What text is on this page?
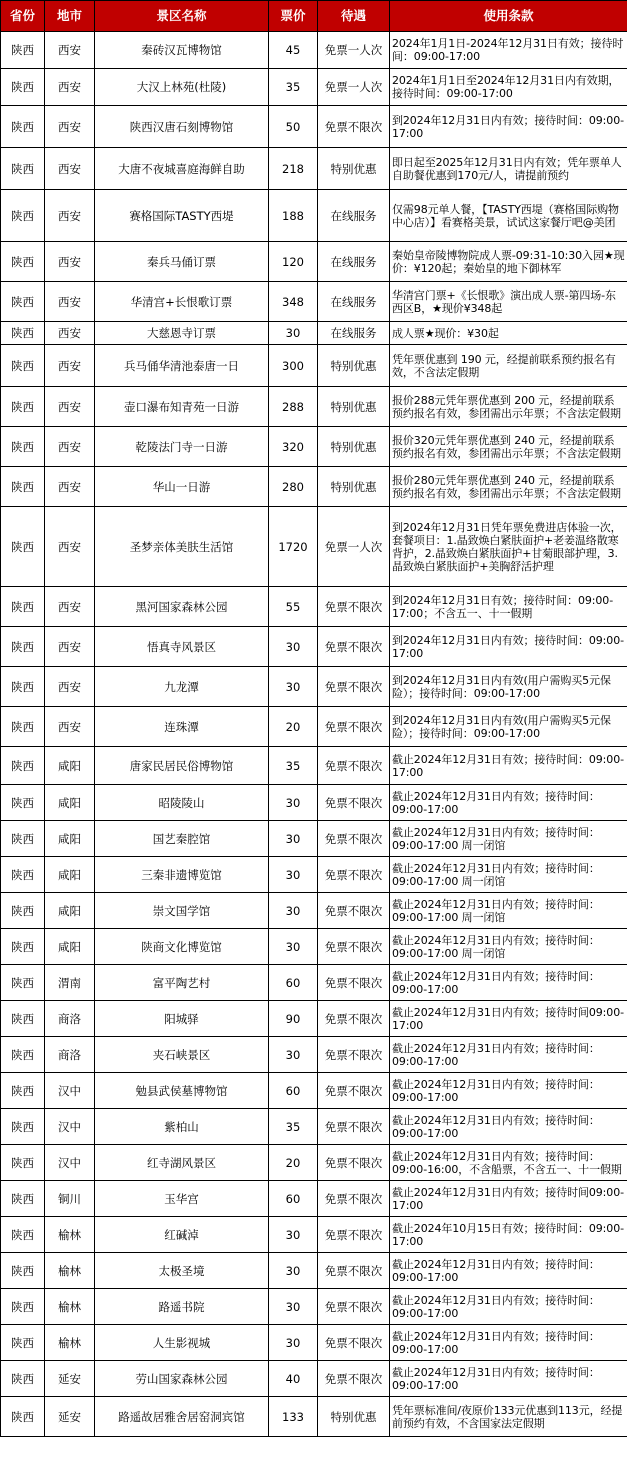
省份	地市	景区名称	票价	待遇	使用条款
陕西	西安	秦砖汉瓦博物馆	45	免票一人次	2024年1月1日-2024年12月31日有效；接待时间：09:00-17:00
陕西	西安	大汉上林苑(杜陵)	35	免票一人次	2024年1月1日至2024年12月31日内有效期，接待时间：09:00-17:00
陕西	西安	陕西汉唐石刻博物馆	50	免票不限次	到2024年12月31日内有效；接待时间：09:00-17:00
陕西	西安	大唐不夜城喜庭海鲜自助	218	特别优惠	即日起至2025年12月31日内有效；凭年票单人自助餐优惠到170元/人，请提前预约
陕西	西安	赛格国际TASTY西堤	188	在线服务	仅需98元单人餐，【TASTY西堤（赛格国际购物中心店）】看赛格美景，试试这家餐厅吧@美团
陕西	西安	秦兵马俑订票	120	在线服务	秦始皇帝陵博物院成人票-09:31-10:30入园★现价：¥120起；秦始皇的地下御林军
陕西	西安	华清宫+长恨歌订票	348	在线服务	华清宫门票+《长恨歌》演出成人票-第四场-东西区B，★现价¥348起
陕西	西安	大慈恩寺订票	30	在线服务	成人票★现价：¥30起
陕西	西安	兵马俑华清池泰唐一日	300	特别优惠	凭年票优惠到 190 元，经提前联系预约报名有效，不含法定假期
陕西	西安	壶口瀑布知青苑一日游	288	特别优惠	报价288元凭年票优惠到 200 元，经提前联系预约报名有效，参团需出示年票；不含法定假期
陕西	西安	乾陵法门寺一日游	320	特别优惠	报价320元凭年票优惠到 240 元，经提前联系预约报名有效，参团需出示年票；不含法定假期
陕西	西安	华山一日游	280	特别优惠	报价280元凭年票优惠到 240 元，经提前联系预约报名有效，参团需出示年票；不含法定假期
陕西	西安	圣梦亲体美肤生活馆	1720	免票一人次	到2024年12月31日凭年票免费进店体验一次，套餐项目：1.晶致焕白紧肤面护+老姜温络散寒背护，2.晶致焕白紧肤面护+甘菊眼部护理，3.晶致焕白紧肤面护+美胸舒活护理
陕西	西安	黑河国家森林公园	55	免票不限次	到2024年12月31日有效；接待时间：09:00-17:00；不含五一、十一假期
陕西	西安	悟真寺风景区	30	免票不限次	到2024年12月31日内有效；接待时间：09:00-17:00
陕西	西安	九龙潭	30	免票不限次	到2024年12月31日内有效(用户需购买5元保险）；接待时间：09:00-17:00
陕西	西安	连珠潭	20	免票不限次	到2024年12月31日内有效(用户需购买5元保险）；接待时间：09:00-17:00
陕西	咸阳	唐家民居民俗博物馆	35	免票不限次	截止2024年12月31日有效；接待时间：09:00-17:00
陕西	咸阳	昭陵陵山	30	免票不限次	截止2024年12月31日内有效；接待时间：09:00-17:00
陕西	咸阳	国艺秦腔馆	30	免票不限次	截止2024年12月31日内有效；接待时间：09:00-17:00 周一闭馆
陕西	咸阳	三秦非遗博览馆	30	免票不限次	截止2024年12月31日内有效；接待时间：09:00-17:00 周一闭馆
陕西	咸阳	崇文国学馆	30	免票不限次	截止2024年12月31日内有效；接待时间：09:00-17:00 周一闭馆
陕西	咸阳	陕商文化博览馆	30	免票不限次	截止2024年12月31日内有效；接待时间：09:00-17:00 周一闭馆
陕西	渭南	富平陶艺村	60	免票不限次	截止2024年12月31日内有效；接待时间：09:00-17:00
陕西	商洛	阳城驿	90	免票不限次	截止2024年12月31日内有效；接待时间09:00-17:00
陕西	商洛	夹石峡景区	30	免票不限次	截止2024年12月31日内有效；接待时间：09:00-17:00
陕西	汉中	勉县武侯墓博物馆	60	免票不限次	截止2024年12月31日内有效；接待时间：09:00-17:00
陕西	汉中	紫柏山	35	免票不限次	截止2024年12月31日内有效；接待时间：09:00-17:00
陕西	汉中	红寺湖风景区	20	免票不限次	截止2024年12月31日内有效；接待时间：09:00-16:00，不含船票，不含五一、十一假期
陕西	铜川	玉华宫	60	免票不限次	截止2024年12月31日内有效；接待时间09:00-17:00
陕西	榆林	红碱淖	30	免票不限次	截止2024年10月15日有效；接待时间：09:00-17:00
陕西	榆林	太极圣境	30	免票不限次	截止2024年12月31日内有效；接待时间：09:00-17:00
陕西	榆林	路遥书院	30	免票不限次	截止2024年12月31日内有效；接待时间：09:00-17:00
陕西	榆林	人生影视城	30	免票不限次	截止2024年12月31日内有效；接待时间：09:00-17:00
陕西	延安	劳山国家森林公园	40	免票不限次	截止2024年12月31日内有效；接待时间：09:00-17:00
陕西	延安	路遥故居雅舍居窑洞宾馆	133	特别优惠	凭年票标准间/夜原价133元优惠到113元，经提前预约有效，不含国家法定假期
